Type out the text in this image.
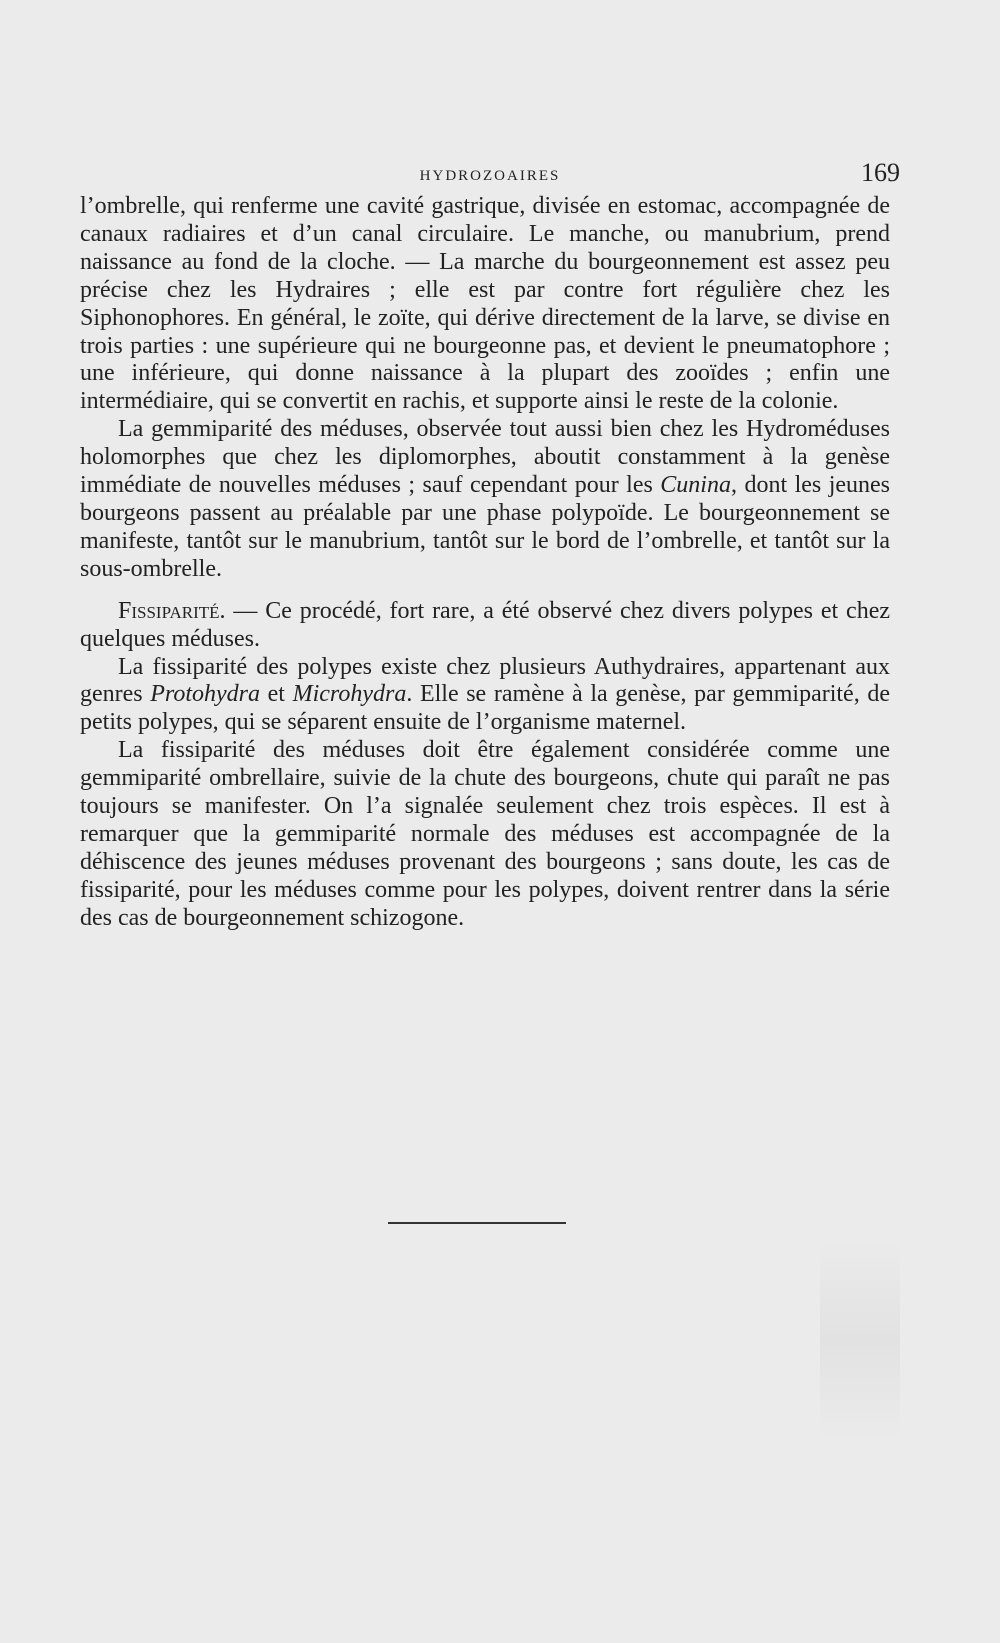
HYDROZOAIRES	169

l’ombrelle, qui renferme une cavité gastrique, divisée en estomac, accompagnée de canaux radiaires et d’un canal circulaire. Le manche, ou manubrium, prend naissance au fond de la cloche. — La marche du bourgeonnement est assez peu précise chez les Hydraires ; elle est par contre fort régulière chez les Siphonophores. En général, le zoïte, qui dérive directement de la larve, se divise en trois parties : une supérieure qui ne bourgeonne pas, et devient le pneumatophore ; une inférieure, qui donne naissance à la plupart des zooïdes ; enfin une intermédiaire, qui se convertit en rachis, et supporte ainsi le reste de la colonie.

La gemmiparité des méduses, observée tout aussi bien chez les Hydroméduses holomorphes que chez les diplomorphes, aboutit constamment à la genèse immédiate de nouvelles méduses ; sauf cependant pour les Cunina, dont les jeunes bourgeons passent au préalable par une phase polypoïde. Le bourgeonnement se manifeste, tantôt sur le manubrium, tantôt sur le bord de l’ombrelle, et tantôt sur la sous-ombrelle.

Fissiparité. — Ce procédé, fort rare, a été observé chez divers polypes et chez quelques méduses.

La fissiparité des polypes existe chez plusieurs Authydraires, appartenant aux genres Protohydra et Microhydra. Elle se ramène à la genèse, par gemmiparité, de petits polypes, qui se séparent ensuite de l’organisme maternel.

La fissiparité des méduses doit être également considérée comme une gemmiparité ombrellaire, suivie de la chute des bourgeons, chute qui paraît ne pas toujours se manifester. On l’a signalée seulement chez trois espèces. Il est à remarquer que la gemmiparité normale des méduses est accompagnée de la déhiscence des jeunes méduses provenant des bourgeons ; sans doute, les cas de fissiparité, pour les méduses comme pour les polypes, doivent rentrer dans la série des cas de bourgeonnement schizogone.
